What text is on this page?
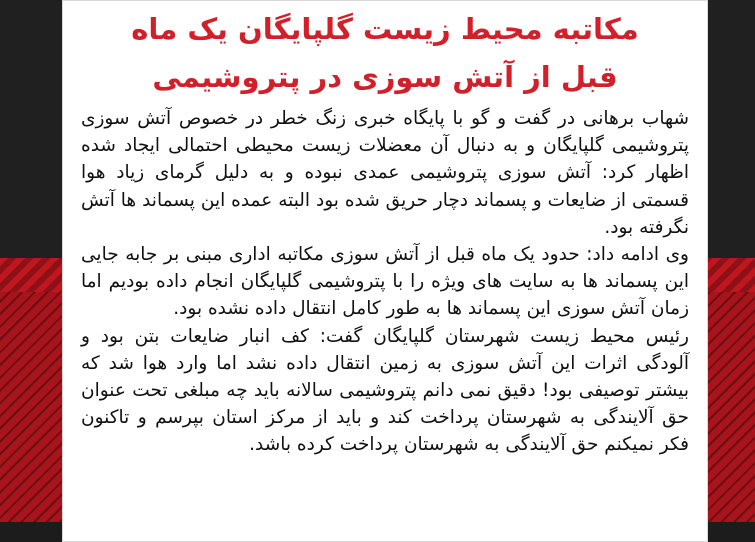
مکاتبه محیط زیست گلپایگان یک ماه
قبل از آتش سوزی در پتروشیمی

شهاب برهانی در گفت و گو با پایگاه خبری زنگ خطر در خصوص آتش سوزی پتروشیمی گلپایگان و به دنبال آن معضلات زیست محیطی احتمالی ایجاد شده اظهار کرد: آتش سوزی پتروشیمی عمدی نبوده و به دلیل گرمای زیاد هوا قسمتی از ضایعات و پسماند دچار حریق شده بود البته عمده این پسماند ها آتش نگرفته بود.

وی ادامه داد: حدود یک ماه قبل از آتش سوزی مکاتبه اداری مبنی بر جابه جایی این پسماند ها به سایت های ویژه را با پتروشیمی گلپایگان انجام داده بودیم اما زمان آتش سوزی این پسماند ها به طور کامل انتقال داده نشده بود.

رئیس محیط زیست شهرستان گلپایگان گفت: کف انبار ضایعات بتن بود و آلودگی اثرات این آتش سوزی به زمین انتقال داده نشد اما وارد هوا شد که بیشتر توصیفی بود! دقیق نمی دانم پتروشیمی سالانه باید چه مبلغی تحت عنوان حق آلایندگی به شهرستان پرداخت کند و باید از مرکز استان بپرسم و تاکنون فکر نمیکنم حق آلایندگی به شهرستان پرداخت کرده باشد.
